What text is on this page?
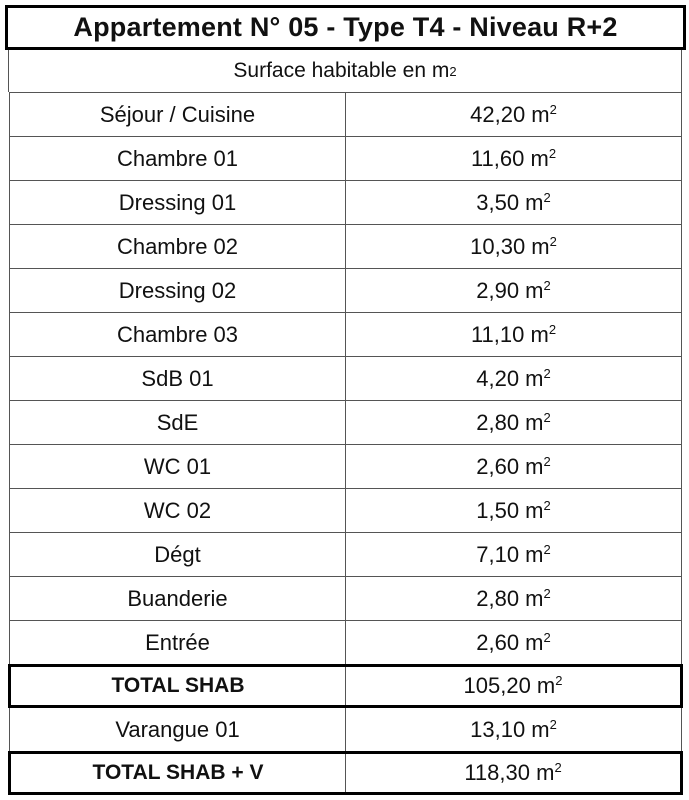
Appartement N° 05 - Type T4 - Niveau R+2
Surface habitable en m 2
Séjour / Cuisine	42,20 $m^2$
Chambre 01	11,60 $m^2$
Dressing 01	3,50 $m^2$
Chambre 02	10,30 $m^2$
Dressing 02	2,90 $m^2$
Chambre 03	11,10 $m^2$
SdB 01	4,20 $m^2$
SdE	2,80 $m^2$
WC 01	2,60 $m^2$
WC 02	1,50 $m^2$
Dégt	7,10 $m^2$
Buanderie	2,80 $m^2$
Entrée	2,60 $m^2$
TOTAL SHAB	105,20 $m^2$
Varangue 01	13,10 $m^2$
TOTAL SHAB + V	118,30 $m^2$
